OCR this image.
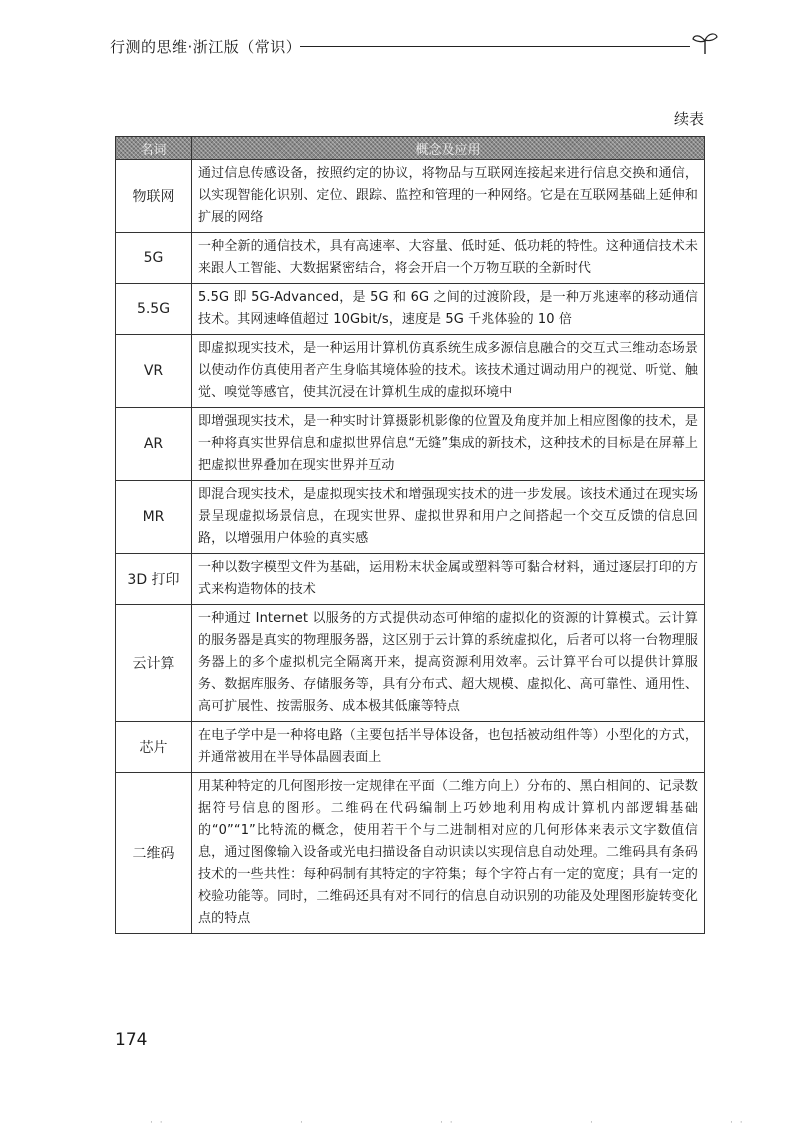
行测的思维·浙江版（常识）
续表
名词	概念及应用
物联网	通过信息传感设备，按照约定的协议，将物品与互联网连接起来进行信息交换和通信，以实现智能化识别、定位、跟踪、监控和管理的一种网络。它是在互联网基础上延伸和扩展的网络
5G	一种全新的通信技术，具有高速率、大容量、低时延、低功耗的特性。这种通信技术未来跟人工智能、大数据紧密结合，将会开启一个万物互联的全新时代
5.5G	5.5G 即 5G-Advanced，是 5G 和 6G 之间的过渡阶段，是一种万兆速率的移动通信技术。其网速峰值超过 10Gbit/s，速度是 5G 千兆体验的 10 倍
VR	即虚拟现实技术，是一种运用计算机仿真系统生成多源信息融合的交互式三维动态场景以使动作仿真使用者产生身临其境体验的技术。该技术通过调动用户的视觉、听觉、触觉、嗅觉等感官，使其沉浸在计算机生成的虚拟环境中
AR	即增强现实技术，是一种实时计算摄影机影像的位置及角度并加上相应图像的技术，是一种将真实世界信息和虚拟世界信息“无缝”集成的新技术，这种技术的目标是在屏幕上把虚拟世界叠加在现实世界并互动
MR	即混合现实技术，是虚拟现实技术和增强现实技术的进一步发展。该技术通过在现实场景呈现虚拟场景信息，在现实世界、虚拟世界和用户之间搭起一个交互反馈的信息回路，以增强用户体验的真实感
3D 打印	一种以数字模型文件为基础，运用粉末状金属或塑料等可黏合材料，通过逐层打印的方式来构造物体的技术
云计算	一种通过 Internet 以服务的方式提供动态可伸缩的虚拟化的资源的计算模式。云计算的服务器是真实的物理服务器，这区别于云计算的系统虚拟化，后者可以将一台物理服务器上的多个虚拟机完全隔离开来，提高资源利用效率。云计算平台可以提供计算服务、数据库服务、存储服务等，具有分布式、超大规模、虚拟化、高可靠性、通用性、高可扩展性、按需服务、成本极其低廉等特点
芯片	在电子学中是一种将电路（主要包括半导体设备，也包括被动组件等）小型化的方式，并通常被用在半导体晶圆表面上
二维码	用某种特定的几何图形按一定规律在平面（二维方向上）分布的、黑白相间的、记录数据符号信息的图形。二维码在代码编制上巧妙地利用构成计算机内部逻辑基础的“0”“1”比特流的概念，使用若干个与二进制相对应的几何形体来表示文字数值信息，通过图像输入设备或光电扫描设备自动识读以实现信息自动处理。二维码具有条码技术的一些共性：每种码制有其特定的字符集；每个字符占有一定的宽度；具有一定的校验功能等。同时，二维码还具有对不同行的信息自动识别的功能及处理图形旋转变化点的特点
174
· ·	·	· ·	·	· ·
